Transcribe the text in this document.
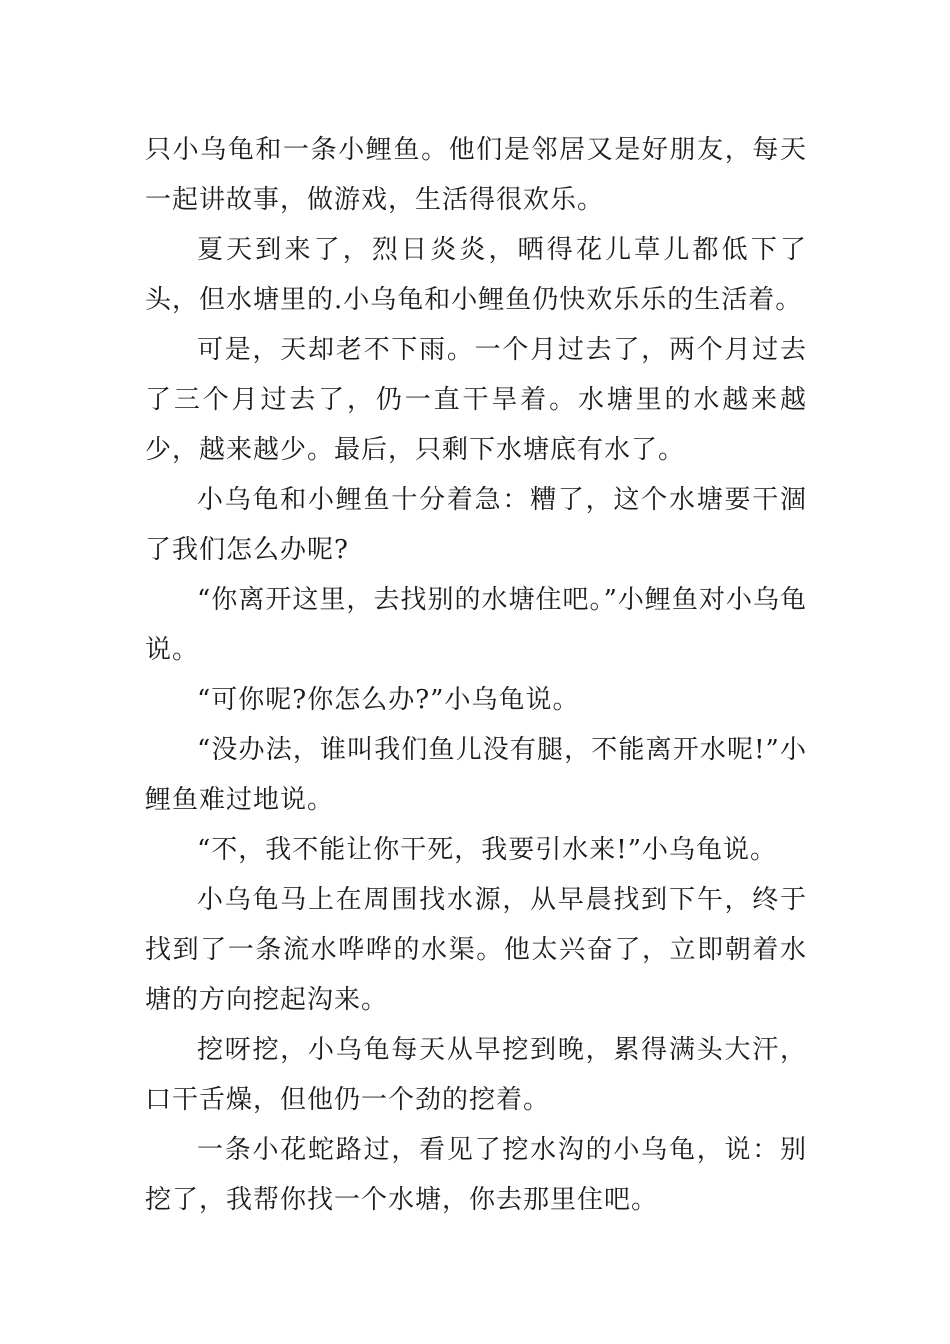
只小乌龟和一条小鲤鱼。他们是邻居又是好朋友，每天一起讲故事，做游戏，生活得很欢乐。

夏天到来了，烈日炎炎，晒得花儿草儿都低下了头，但水塘里的.小乌龟和小鲤鱼仍快欢乐乐的生活着。

可是，天却老不下雨。一个月过去了，两个月过去了三个月过去了，仍一直干旱着。水塘里的水越来越少，越来越少。最后，只剩下水塘底有水了。

小乌龟和小鲤鱼十分着急：糟了，这个水塘要干涸了我们怎么办呢?

“你离开这里，去找别的水塘住吧。”小鲤鱼对小乌龟说。

“可你呢?你怎么办?”小乌龟说。

“没办法，谁叫我们鱼儿没有腿，不能离开水呢!”小鲤鱼难过地说。

“不，我不能让你干死，我要引水来!”小乌龟说。

小乌龟马上在周围找水源，从早晨找到下午，终于找到了一条流水哗哗的水渠。他太兴奋了，立即朝着水塘的方向挖起沟来。

挖呀挖，小乌龟每天从早挖到晚，累得满头大汗，口干舌燥，但他仍一个劲的挖着。

一条小花蛇路过，看见了挖水沟的小乌龟，说：别挖了，我帮你找一个水塘，你去那里住吧。
